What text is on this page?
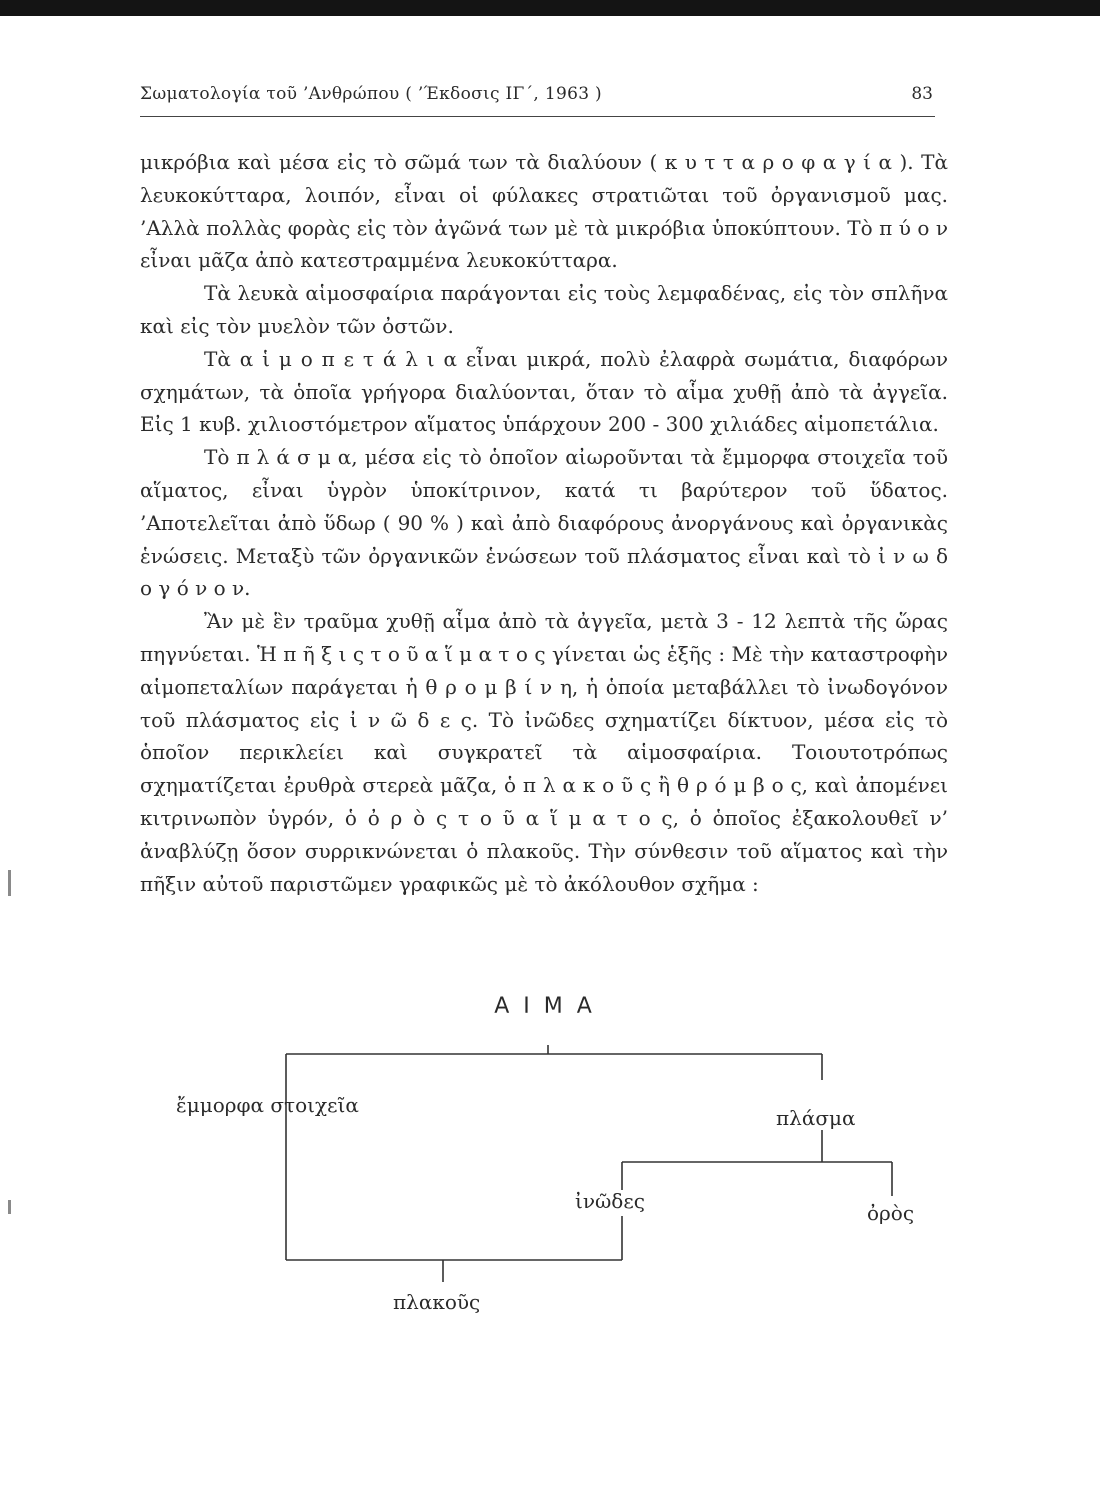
Σωματολογία τοῦ ’Ανθρώπου ( ’Έκδοσις ΙΓ΄, 1963 )	83

μικρόβια καὶ μέσα εἰς τὸ σῶμά των τὰ διαλύουν ( κ υ τ τ α ρ ο φ α γ ί α ). Τὰ λευκοκύτταρα, λοιπόν, εἶναι οἱ φύλακες στρατιῶται τοῦ ὀργανισμοῦ μας. ’Αλλὰ πολλὰς φορὰς εἰς τὸν ἀγῶνά των μὲ τὰ μικρόβια ὑποκύπτουν. Τὸ π ύ ο ν εἶναι μᾶζα ἀπὸ κατεστραμμένα λευκοκύτταρα.

Τὰ λευκὰ αἱμοσφαίρια παράγονται εἰς τοὺς λεμφαδένας, εἰς τὸν σπλῆνα καὶ εἰς τὸν μυελὸν τῶν ὀστῶν.

Τὰ α ἱ μ ο π ε τ ά λ ι α εἶναι μικρά, πολὺ ἐλαφρὰ σωμάτια, διαφόρων σχημάτων, τὰ ὁποῖα γρήγορα διαλύονται, ὅταν τὸ αἷμα χυθῇ ἀπὸ τὰ ἀγγεῖα. Εἰς 1 κυβ. χιλιοστόμετρον αἵματος ὑπάρχουν 200 - 300 χιλιάδες αἱμοπετάλια.

Τὸ π λ ά σ μ α, μέσα εἰς τὸ ὁποῖον αἰωροῦνται τὰ ἔμμορφα στοιχεῖα τοῦ αἵματος, εἶναι ὑγρὸν ὑποκίτρινον, κατά τι βαρύτερον τοῦ ὕδατος. ’Αποτελεῖται ἀπὸ ὕδωρ ( 90 % ) καὶ ἀπὸ διαφόρους ἀνοργάνους καὶ ὀργανικὰς ἑνώσεις. Μεταξὺ τῶν ὀργανικῶν ἑνώσεων τοῦ πλάσματος εἶναι καὶ τὸ ἰ ν ω δ ο γ ό ν ο ν.

Ἂν μὲ ἓν τραῦμα χυθῇ αἷμα ἀπὸ τὰ ἀγγεῖα, μετὰ 3 - 12 λεπτὰ τῆς ὥρας πηγνύεται. Ἡ π ῆ ξ ι ς τ ο ῦ α ἵ μ α τ ο ς γίνεται ὡς ἑξῆς : Μὲ τὴν καταστροφὴν αἱμοπεταλίων παράγεται ἡ θ ρ ο μ β ί ν η, ἡ ὁποία μεταβάλλει τὸ ἰνωδογόνον τοῦ πλάσματος εἰς ἰ ν ῶ δ ε ς. Τὸ ἰνῶδες σχηματίζει δίκτυον, μέσα εἰς τὸ ὁποῖον περικλείει καὶ συγκρατεῖ τὰ αἱμοσφαίρια. Τοιουτοτρόπως σχηματίζεται ἐρυθρὰ στερεὰ μᾶζα, ὁ π λ α κ ο ῦ ς ἢ θ ρ ό μ β ο ς, καὶ ἀπομένει κιτρινωπὸν ὑγρόν, ὁ ὀ ρ ὸ ς τ ο ῦ α ἵ μ α τ ο ς, ὁ ὁποῖος ἐξακολουθεῖ ν’ ἀναβλύζῃ ὅσον συρρικνώνεται ὁ πλακοῦς. Τὴν σύνθεσιν τοῦ αἵματος καὶ τὴν πῆξιν αὐτοῦ παριστῶμεν γραφικῶς μὲ τὸ ἀκόλουθον σχῆμα :

ΑΙΜΑ
ἔμμορφα στοιχεῖα
πλάσμα
ἰνῶδες	ὀρὸς
πλακοῦς
